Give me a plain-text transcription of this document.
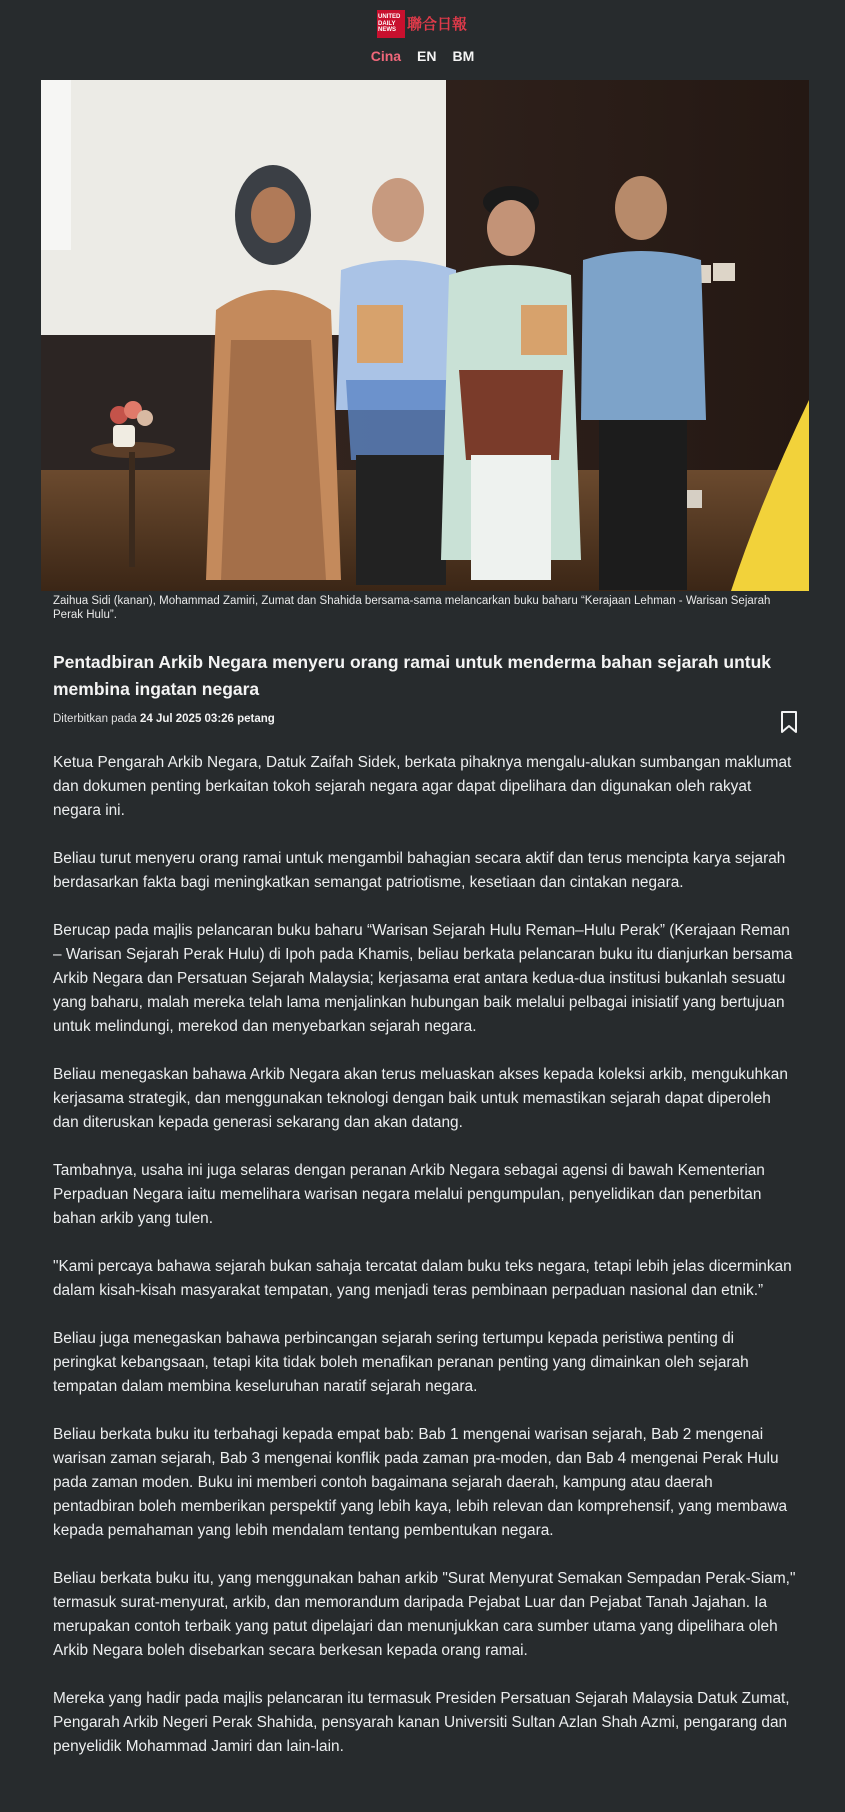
UNITED
DAILY
NEWS 聯合日報
Cina EN BM
Zaihua Sidi (kanan), Mohammad Zamiri, Zumat dan Shahida bersama-sama melancarkan buku baharu “Kerajaan Lehman - Warisan Sejarah Perak Hulu”.
Pentadbiran Arkib Negara menyeru orang ramai untuk menderma bahan sejarah untuk membina ingatan negara
Diterbitkan pada 24 Jul 2025 03:26 petang

Ketua Pengarah Arkib Negara, Datuk Zaifah Sidek, berkata pihaknya mengalu-alukan sumbangan maklumat dan dokumen penting berkaitan tokoh sejarah negara agar dapat dipelihara dan digunakan oleh rakyat negara ini.

Beliau turut menyeru orang ramai untuk mengambil bahagian secara aktif dan terus mencipta karya sejarah berdasarkan fakta bagi meningkatkan semangat patriotisme, kesetiaan dan cintakan negara.

Berucap pada majlis pelancaran buku baharu “Warisan Sejarah Hulu Reman–Hulu Perak” (Kerajaan Reman – Warisan Sejarah Perak Hulu) di Ipoh pada Khamis, beliau berkata pelancaran buku itu dianjurkan bersama Arkib Negara dan Persatuan Sejarah Malaysia; kerjasama erat antara kedua-dua institusi bukanlah sesuatu yang baharu, malah mereka telah lama menjalinkan hubungan baik melalui pelbagai inisiatif yang bertujuan untuk melindungi, merekod dan menyebarkan sejarah negara.

Beliau menegaskan bahawa Arkib Negara akan terus meluaskan akses kepada koleksi arkib, mengukuhkan kerjasama strategik, dan menggunakan teknologi dengan baik untuk memastikan sejarah dapat diperoleh dan diteruskan kepada generasi sekarang dan akan datang.

Tambahnya, usaha ini juga selaras dengan peranan Arkib Negara sebagai agensi di bawah Kementerian Perpaduan Negara iaitu memelihara warisan negara melalui pengumpulan, penyelidikan dan penerbitan bahan arkib yang tulen.

"Kami percaya bahawa sejarah bukan sahaja tercatat dalam buku teks negara, tetapi lebih jelas dicerminkan dalam kisah-kisah masyarakat tempatan, yang menjadi teras pembinaan perpaduan nasional dan etnik.”

Beliau juga menegaskan bahawa perbincangan sejarah sering tertumpu kepada peristiwa penting di peringkat kebangsaan, tetapi kita tidak boleh menafikan peranan penting yang dimainkan oleh sejarah tempatan dalam membina keseluruhan naratif sejarah negara.

Beliau berkata buku itu terbahagi kepada empat bab: Bab 1 mengenai warisan sejarah, Bab 2 mengenai warisan zaman sejarah, Bab 3 mengenai konflik pada zaman pra-moden, dan Bab 4 mengenai Perak Hulu pada zaman moden. Buku ini memberi contoh bagaimana sejarah daerah, kampung atau daerah pentadbiran boleh memberikan perspektif yang lebih kaya, lebih relevan dan komprehensif, yang membawa kepada pemahaman yang lebih mendalam tentang pembentukan negara.

Beliau berkata buku itu, yang menggunakan bahan arkib "Surat Menyurat Semakan Sempadan Perak-Siam," termasuk surat-menyurat, arkib, dan memorandum daripada Pejabat Luar dan Pejabat Tanah Jajahan. Ia merupakan contoh terbaik yang patut dipelajari dan menunjukkan cara sumber utama yang dipelihara oleh Arkib Negara boleh disebarkan secara berkesan kepada orang ramai.

Mereka yang hadir pada majlis pelancaran itu termasuk Presiden Persatuan Sejarah Malaysia Datuk Zumat, Pengarah Arkib Negeri Perak Shahida, pensyarah kanan Universiti Sultan Azlan Shah Azmi, pengarang dan penyelidik Mohammad Jamiri dan lain-lain.
